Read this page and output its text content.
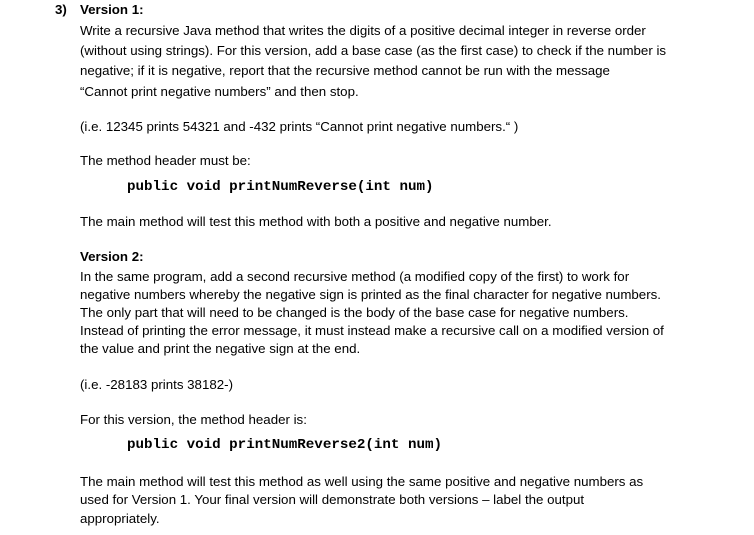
3) Version 1:
Write a recursive Java method that writes the digits of a positive decimal integer in reverse order
(without using strings). For this version, add a base case (as the first case) to check if the number is
negative; if it is negative, report that the recursive method cannot be run with the message
“Cannot print negative numbers” and then stop.
(i.e. 12345 prints 54321 and -432 prints “Cannot print negative numbers.“ )
The method header must be:
public void printNumReverse(int num)
The main method will test this method with both a positive and negative number.
Version 2:
In the same program, add a second recursive method (a modified copy of the first) to work for
negative numbers whereby the negative sign is printed as the final character for negative numbers.
The only part that will need to be changed is the body of the base case for negative numbers.
Instead of printing the error message, it must instead make a recursive call on a modified version of
the value and print the negative sign at the end.
(i.e. -28183 prints 38182-)
For this version, the method header is:
public void printNumReverse2(int num)
The main method will test this method as well using the same positive and negative numbers as
used for Version 1. Your final version will demonstrate both versions – label the output
appropriately.
